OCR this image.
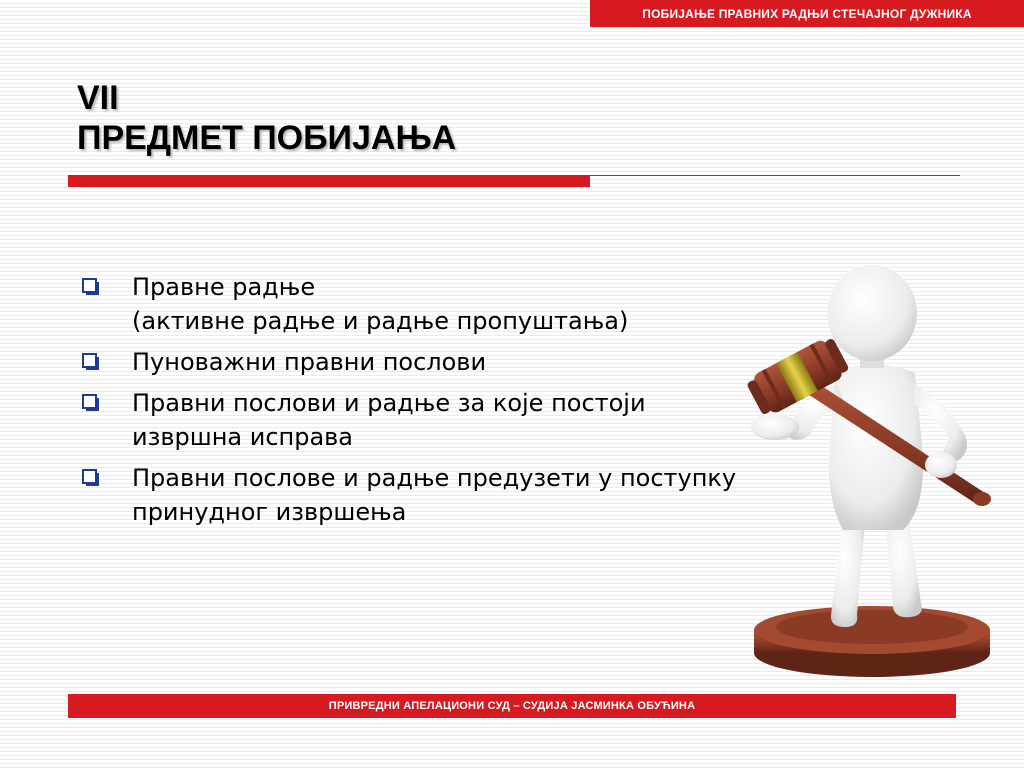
ПОБИЈАЊЕ ПРАВНИХ РАДЊИ СТЕЧАЈНОГ ДУЖНИКА
VII
ПРЕДМЕТ ПОБИЈАЊА
Правне радње
(активне радње и радње пропуштања)
Пуноважни правни послови
Правни послови и радње за које постоји извршна исправа
Правни послове и радње предузети у поступку принудног извршења
ПРИВРЕДНИ АПЕЛАЦИОНИ СУД – СУДИЈА ЈАСМИНКА ОБУЋИНА
